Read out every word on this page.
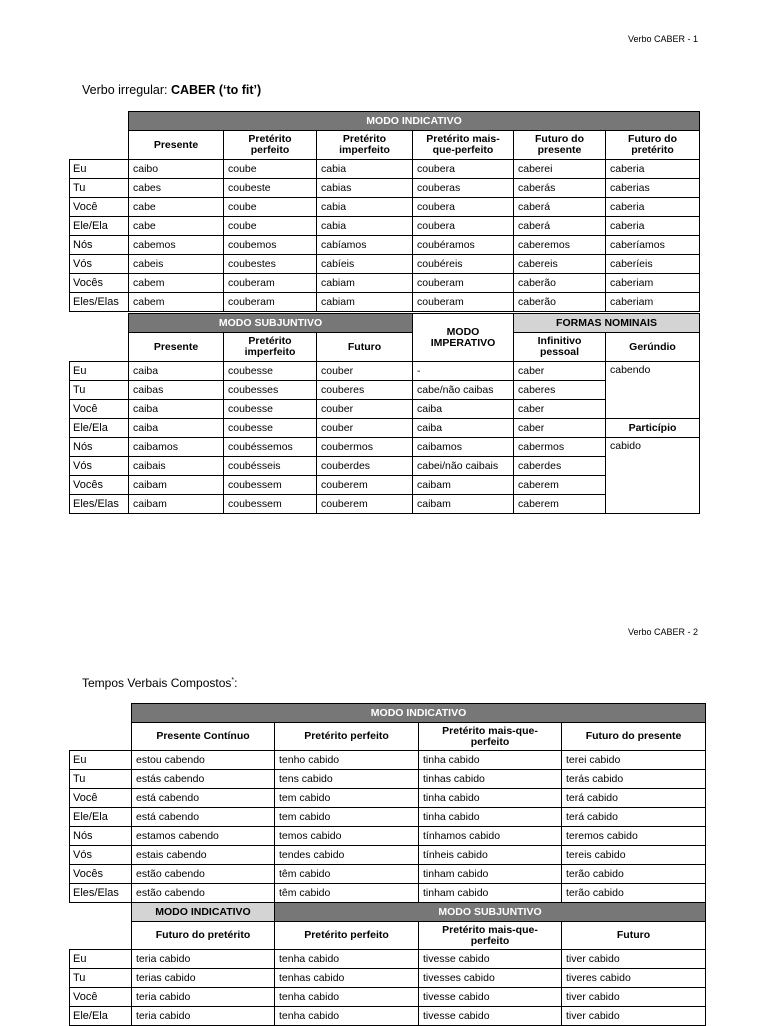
Verbo CABER - 1
Verbo irregular: CABER (‘to fit’)
	MODO INDICATIVO					
	Presente	Pretérito perfeito	Pretérito imperfeito	Pretérito mais-que-perfeito	Futuro do presente	Futuro do pretérito
Eu	caibo	coube	cabia	coubera	caberei	caberia
Tu	cabes	coubeste	cabias	couberas	caberás	caberias
Você	cabe	coube	cabia	coubera	caberá	caberia
Ele/Ela	cabe	coube	cabia	coubera	caberá	caberia
Nós	cabemos	coubemos	cabíamos	coubéramos	caberemos	caberíamos
Vós	cabeis	coubestes	cabíeis	coubéreis	cabereis	caberíeis
Vocês	cabem	couberam	cabiam	couberam	caberão	caberiam
Eles/Elas	cabem	couberam	cabiam	couberam	caberão	caberiam
	MODO SUBJUNTIVO			MODO IMPERATIVO	FORMAS NOMINAIS	
	Presente	Pretérito imperfeito	Futuro		Infinitivo pessoal	Gerúndio
Eu	caiba	coubesse	couber	-	caber	cabendo
Tu	caibas	coubesses	couberes	cabe/não caibas	caberes	
Você	caiba	coubesse	couber	caiba	caber	
Ele/Ela	caiba	coubesse	couber	caiba	caber	Particípio
Nós	caibamos	coubéssemos	coubermos	caibamos	cabermos	cabido
Vós	caibais	coubésseis	couberdes	cabei/não caibais	caberdes	
Vocês	caibam	coubessem	couberem	caibam	caberem	
Eles/Elas	caibam	coubessem	couberem	caibam	caberem	
Verbo CABER - 2
Tempos Verbais Compostos*:
	MODO INDICATIVO			
	Presente Contínuo	Pretérito perfeito	Pretérito mais-que-perfeito	Futuro do presente
Eu	estou cabendo	tenho cabido	tinha cabido	terei cabido
Tu	estás cabendo	tens cabido	tinhas cabido	terás cabido
Você	está cabendo	tem cabido	tinha cabido	terá cabido
Ele/Ela	está cabendo	tem cabido	tinha cabido	terá cabido
Nós	estamos cabendo	temos cabido	tínhamos cabido	teremos cabido
Vós	estais cabendo	tendes cabido	tínheis cabido	tereis cabido
Vocês	estão cabendo	têm cabido	tinham cabido	terão cabido
Eles/Elas	estão cabendo	têm cabido	tinham cabido	terão cabido
	MODO INDICATIVO	MODO SUBJUNTIVO		
	Futuro do pretérito	Pretérito perfeito	Pretérito mais-que-perfeito	Futuro
Eu	teria cabido	tenha cabido	tivesse cabido	tiver cabido
Tu	terias cabido	tenhas cabido	tivesses cabido	tiveres cabido
Você	teria cabido	tenha cabido	tivesse cabido	tiver cabido
Ele/Ela	teria cabido	tenha cabido	tivesse cabido	tiver cabido
